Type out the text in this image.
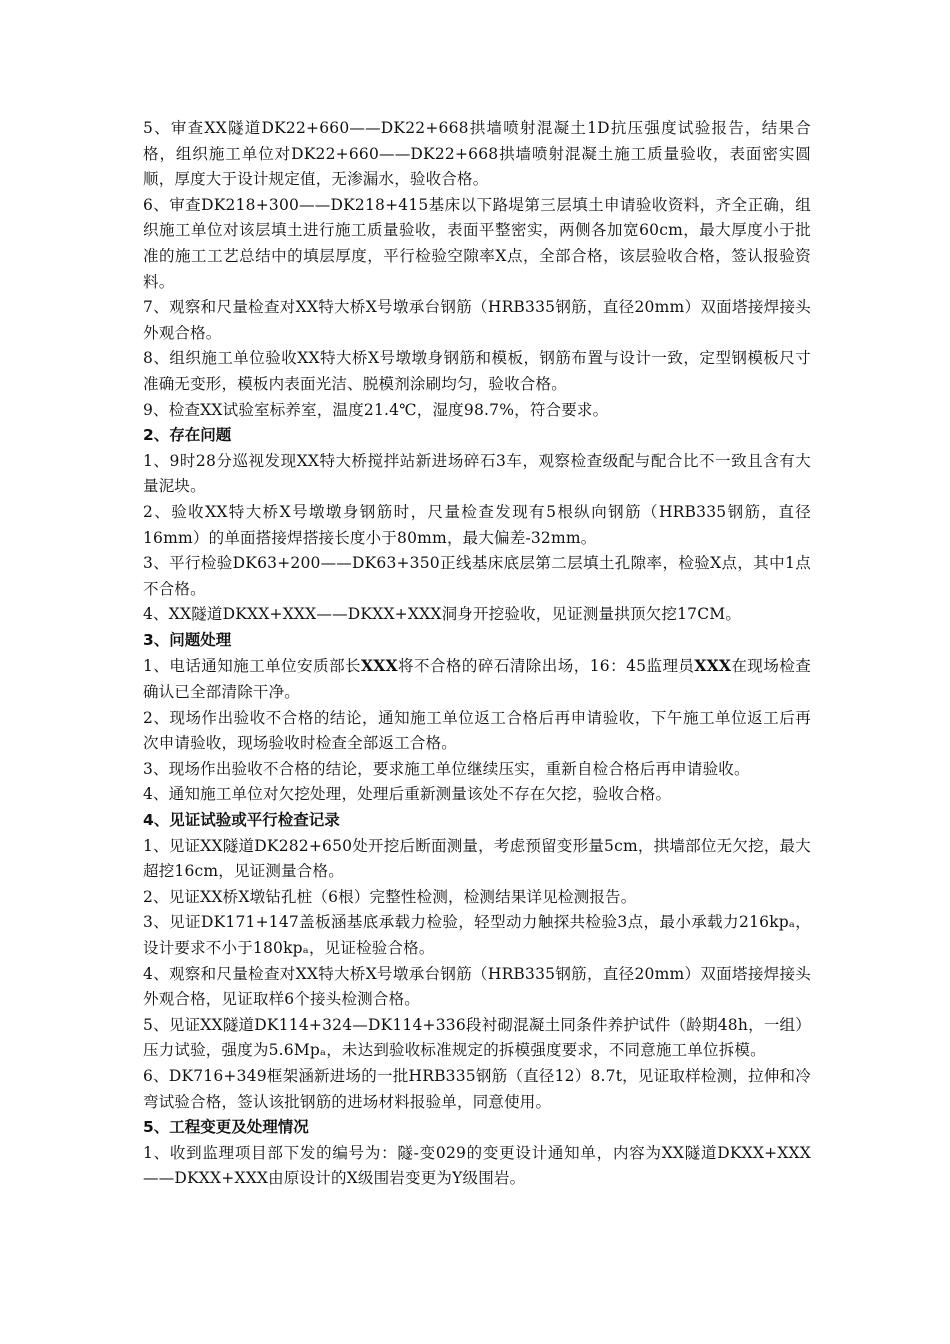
5、审查XX隧道DK22+660——DK22+668拱墙喷射混凝土1D抗压强度试验报告，结果合格，组织施工单位对DK22+660——DK22+668拱墙喷射混凝土施工质量验收，表面密实圆顺，厚度大于设计规定值，无渗漏水，验收合格。

6、审查DK218+300——DK218+415基床以下路堤第三层填土申请验收资料，齐全正确，组织施工单位对该层填土进行施工质量验收，表面平整密实，两侧各加宽60cm，最大厚度小于批准的施工工艺总结中的填层厚度，平行检验空隙率X点，全部合格，该层验收合格，签认报验资料。

7、观察和尺量检查对XX特大桥X号墩承台钢筋（HRB335钢筋，直径20mm）双面塔接焊接头外观合格。

8、组织施工单位验收XX特大桥X号墩墩身钢筋和模板，钢筋布置与设计一致，定型钢模板尺寸准确无变形，模板内表面光洁、脱模剂涂刷均匀，验收合格。

9、检查XX试验室标养室，温度21.4℃，湿度98.7%，符合要求。

2、存在问题

1、9时28分巡视发现XX特大桥搅拌站新进场碎石3车，观察检查级配与配合比不一致且含有大量泥块。

2、验收XX特大桥X号墩墩身钢筋时，尺量检查发现有5根纵向钢筋（HRB335钢筋，直径16mm）的单面搭接焊搭接长度小于80mm，最大偏差-32mm。

3、平行检验DK63+200——DK63+350正线基床底层第二层填土孔隙率，检验X点，其中1点不合格。

4、XX隧道DKXX+XXX——DKXX+XXX洞身开挖验收，见证测量拱顶欠挖17CM。

3、问题处理

1、电话通知施工单位安质部长XXX将不合格的碎石清除出场，16：45监理员XXX在现场检查确认已全部清除干净。

2、现场作出验收不合格的结论，通知施工单位返工合格后再申请验收，下午施工单位返工后再次申请验收，现场验收时检查全部返工合格。

3、现场作出验收不合格的结论，要求施工单位继续压实，重新自检合格后再申请验收。

4、通知施工单位对欠挖处理，处理后重新测量该处不存在欠挖，验收合格。

4、见证试验或平行检查记录

1、见证XX隧道DK282+650处开挖后断面测量，考虑预留变形量5cm，拱墙部位无欠挖，最大超挖16cm，见证测量合格。

2、见证XX桥X墩钻孔桩（6根）完整性检测，检测结果详见检测报告。

3、见证DK171+147盖板涵基底承载力检验，轻型动力触探共检验3点，最小承载力216kpₐ，设计要求不小于180kpₐ，见证检验合格。

4、观察和尺量检查对XX特大桥X号墩承台钢筋（HRB335钢筋，直径20mm）双面塔接焊接头外观合格，见证取样6个接头检测合格。

5、见证XX隧道DK114+324—DK114+336段衬砌混凝土同条件养护试件（龄期48h，一组）压力试验，强度为5.6Mpₐ，未达到验收标准规定的拆模强度要求，不同意施工单位拆模。

6、DK716+349框架涵新进场的一批HRB335钢筋（直径12）8.7t，见证取样检测，拉伸和冷弯试验合格，签认该批钢筋的进场材料报验单，同意使用。

5、工程变更及处理情况

1、收到监理项目部下发的编号为：隧-变029的变更设计通知单，内容为XX隧道DKXX+XXX——DKXX+XXX由原设计的X级围岩变更为Y级围岩。
